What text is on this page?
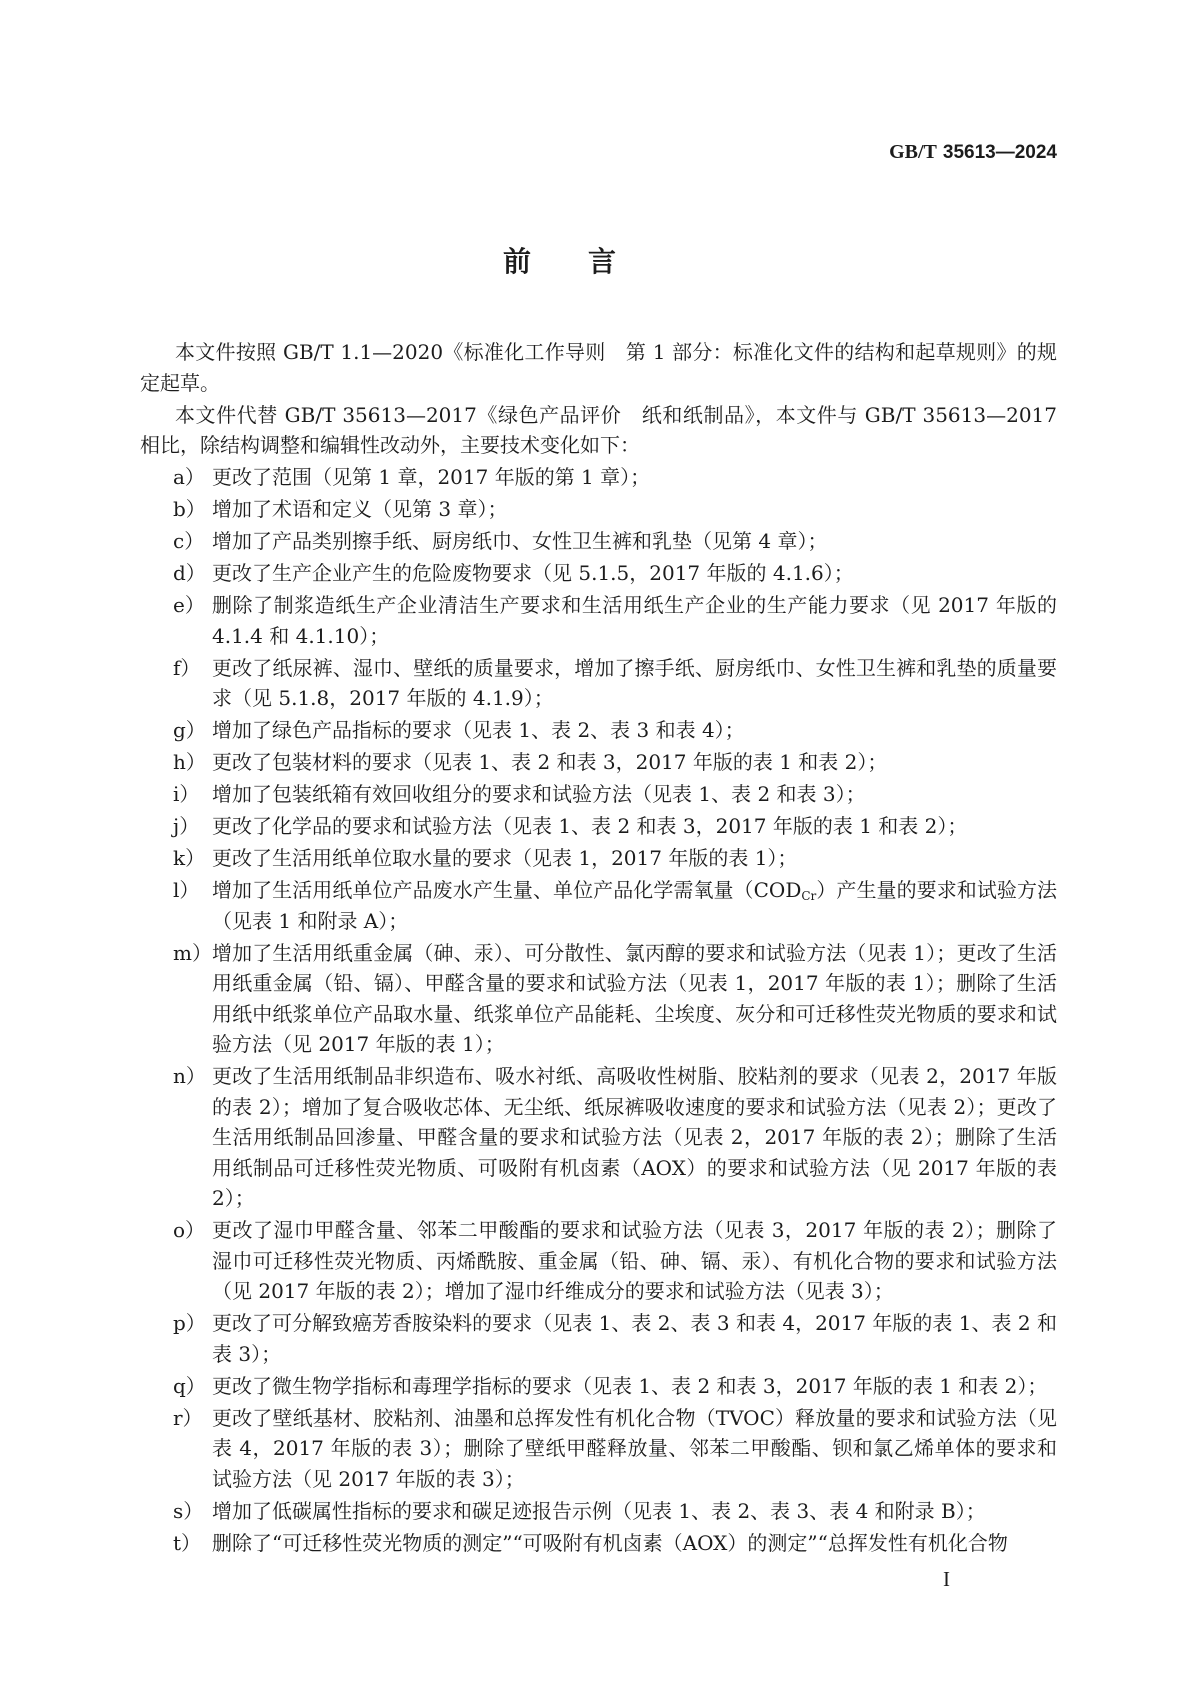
GB/T 35613—2024
前言

本文件按照 GB/T 1.1—2020《标准化工作导则　第 1 部分：标准化文件的结构和起草规则》的规定起草。

本文件代替 GB/T 35613—2017《绿色产品评价　纸和纸制品》，本文件与 GB/T 35613—2017 相比，除结构调整和编辑性改动外，主要技术变化如下：

a） 更改了范围（见第 1 章，2017 年版的第 1 章）；
b） 增加了术语和定义（见第 3 章）；
c） 增加了产品类别擦手纸、厨房纸巾、女性卫生裤和乳垫（见第 4 章）；
d） 更改了生产企业产生的危险废物要求（见 5.1.5，2017 年版的 4.1.6）；
e） 删除了制浆造纸生产企业清洁生产要求和生活用纸生产企业的生产能力要求（见 2017 年版的 4.1.4 和 4.1.10）；
f） 更改了纸尿裤、湿巾、壁纸的质量要求，增加了擦手纸、厨房纸巾、女性卫生裤和乳垫的质量要求（见 5.1.8，2017 年版的 4.1.9）；
g） 增加了绿色产品指标的要求（见表 1、表 2、表 3 和表 4）；
h） 更改了包装材料的要求（见表 1、表 2 和表 3，2017 年版的表 1 和表 2）；
i） 增加了包装纸箱有效回收组分的要求和试验方法（见表 1、表 2 和表 3）；
j） 更改了化学品的要求和试验方法（见表 1、表 2 和表 3，2017 年版的表 1 和表 2）；
k） 更改了生活用纸单位取水量的要求（见表 1，2017 年版的表 1）；
l） 增加了生活用纸单位产品废水产生量、单位产品化学需氧量$(COD_{Cr})$产生量的要求和试验方法（见表 1 和附录 A）；
m） 增加了生活用纸重金属（砷、汞）、可分散性、氯丙醇的要求和试验方法（见表 1）；更改了生活用纸重金属（铅、镉）、甲醛含量的要求和试验方法（见表 1，2017 年版的表 1）；删除了生活用纸中纸浆单位产品取水量、纸浆单位产品能耗、尘埃度、灰分和可迁移性荧光物质的要求和试验方法（见 2017 年版的表 1）；
n） 更改了生活用纸制品非织造布、吸水衬纸、高吸收性树脂、胶粘剂的要求（见表 2，2017 年版的表 2）；增加了复合吸收芯体、无尘纸、纸尿裤吸收速度的要求和试验方法（见表 2）；更改了生活用纸制品回渗量、甲醛含量的要求和试验方法（见表 2，2017 年版的表 2）；删除了生活用纸制品可迁移性荧光物质、可吸附有机卤素（AOX）的要求和试验方法（见 2017 年版的表 2）；
o） 更改了湿巾甲醛含量、邻苯二甲酸酯的要求和试验方法（见表 3，2017 年版的表 2）；删除了湿巾可迁移性荧光物质、丙烯酰胺、重金属（铅、砷、镉、汞）、有机化合物的要求和试验方法（见 2017 年版的表 2）；增加了湿巾纤维成分的要求和试验方法（见表 3）；
p） 更改了可分解致癌芳香胺染料的要求（见表 1、表 2、表 3 和表 4，2017 年版的表 1、表 2 和表 3）；
q） 更改了微生物学指标和毒理学指标的要求（见表 1、表 2 和表 3，2017 年版的表 1 和表 2）；
r） 更改了壁纸基材、胶粘剂、油墨和总挥发性有机化合物（TVOC）释放量的要求和试验方法（见表 4，2017 年版的表 3）；删除了壁纸甲醛释放量、邻苯二甲酸酯、钡和氯乙烯单体的要求和试验方法（见 2017 年版的表 3）；
s） 增加了低碳属性指标的要求和碳足迹报告示例（见表 1、表 2、表 3、表 4 和附录 B）；
t） 删除了“可迁移性荧光物质的测定”“可吸附有机卤素（AOX）的测定”“总挥发性有机化合物
I
